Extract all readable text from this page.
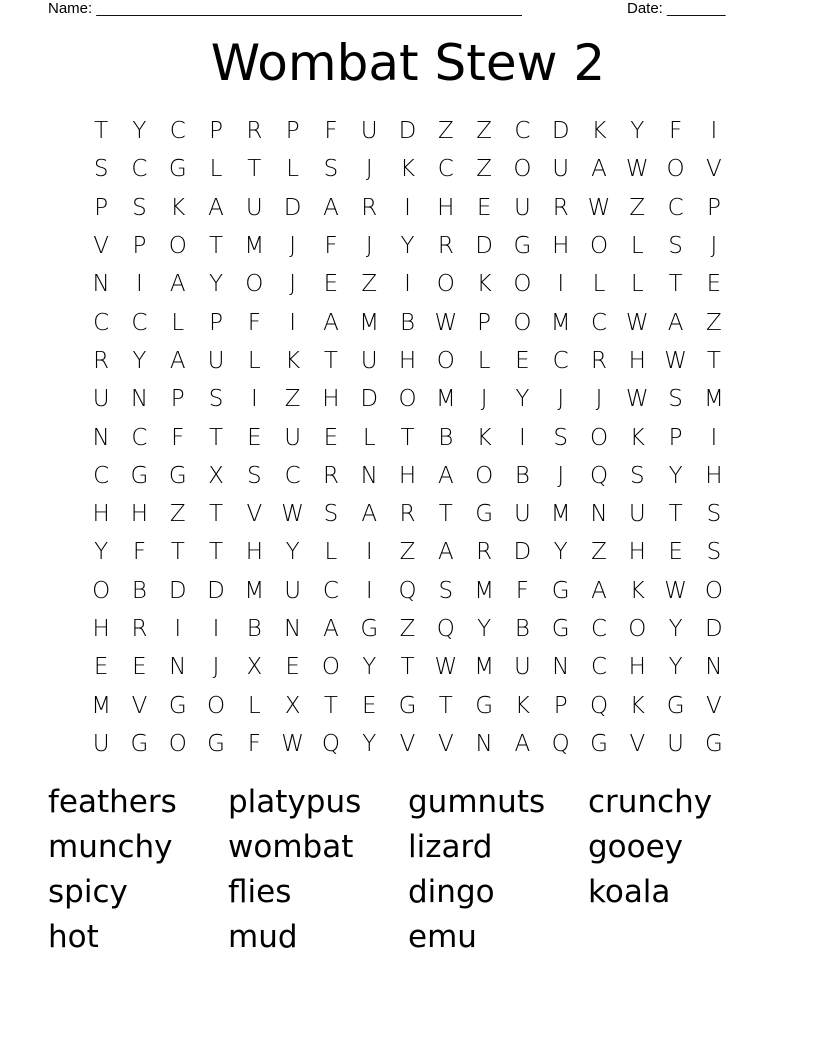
Name: ___________________________________________________	Date: _______
Wombat Stew 2
T	Y	C	P	R	P	F	U D Z Z C D K	Y	F	I
S C G L	T	L	S	J	K C Z O U A W O V
P	S	K A U D A R	I	H E U R W Z C	P
V	P O T M	J	F	J	Y	R D G H O L	S	J
N	I	A	Y O	J	E	Z	I	O K O	I	L	L	T	E
C C	L	P	F	I	A M B W P O M C W A Z
R	Y	A U	L	K	T U H O L	E C R H W T
U N P	S	I	Z H D O M	J	Y	J	J	W S M
N C	F	T	E U E	L	T	B	K	I	S O K	P	I
C G G X	S C R N H A O B	J	Q S	Y H
H H Z	T	V W S	A R	T G U M N U T	S
Y	F	T	T H Y	L	I	Z A R D Y	Z H E	S
O B D D M U C	I	Q S M F G A K W O
H R	I	I	B N A G Z Q Y	B G C O Y D
E	E N	J	X	E O Y	T W M U N C H Y N
M V G O L	X	T	E G T G K	P Q K G V
U G O G F W Q Y	V V N A Q G V U G
feathers	platypus	gumnuts	crunchy
munchy	wombat	lizard	gooey
spicy	flies	dingo	koala
hot	mud	emu
